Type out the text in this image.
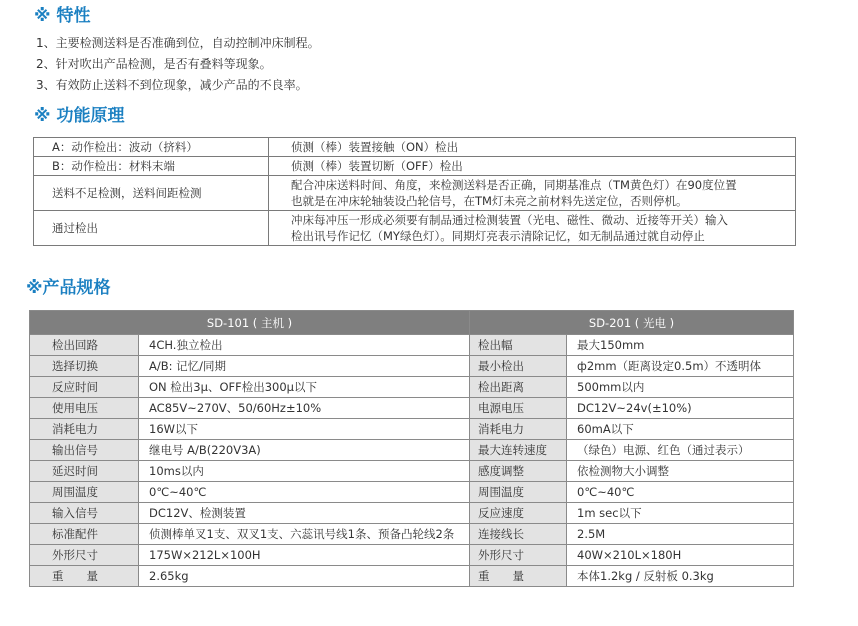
※ 特性
1、主要检测送料是否准确到位，自动控制冲床制程。
2、针对吹出产品检测，是否有叠料等现象。
3、有效防止送料不到位现象，减少产品的不良率。
※ 功能原理
A：动作检出：波动（挤料）	侦测（棒）装置接触（ON）检出

B：动作检出：材料末端	侦测（棒）装置切断（OFF）检出

送料不足检测，送料间距检测	配合冲床送料时间、角度，来检测送料是否正确，同期基准点（TM黄色灯）在90度位置
也就是在冲床轮轴装设凸轮信号，在TM灯未亮之前材料先送定位，否则停机。

通过检出	冲床每冲压一形成必须要有制品通过检测装置（光电、磁性、微动、近接等开关）输入
检出讯号作记忆（MY绿色灯）。同期灯亮表示清除记忆，如无制品通过就自动停止
※产品规格
SD-101 ( 主机 )		SD-201 ( 光电 )	
检出回路	4CH.独立检出	检出幅	最大150mm
选择切换	A/B: 记忆/同期	最小检出	ф2mm（距离设定0.5m）不透明体
反应时间	ON 检出3μ、OFF检出300μ以下	检出距离	500mm以内
使用电压	AC85V~270V、50/60Hz±10%	电源电压	DC12V~24v(±10%)
消耗电力	16W以下	消耗电力	60mA以下
输出信号	继电号 A/B(220V3A)	最大连转速度	（绿色）电源、红色（通过表示）
延迟时间	10ms以内	感度调整	依检测物大小调整
周围温度	0℃~40℃	周围温度	0℃~40℃
输入信号	DC12V、检测装置	反应速度	1m sec以下
标准配件	侦测棒单叉1支、双叉1支、六蕊讯号线1条、预备凸轮线2条	连接线长	2.5M
外形尺寸	175W×212L×100H	外形尺寸	40W×210L×180H
重　　量	2.65kg	重　　量	本体1.2kg / 反射板 0.3kg
